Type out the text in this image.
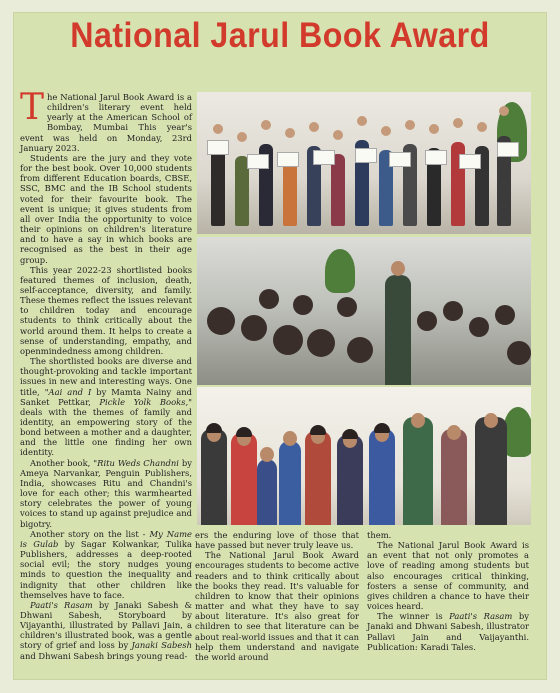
National Jarul Book Award

The National Jarul Book Award is a children's literary event held yearly at the American School of Bombay, Mumbai This year's event was held on Monday, 23rd January 2023.

Students are the jury and they vote for the best book. Over 10,000 students from different Education boards, CBSE, SSC, BMC and the IB School students voted for their favourite book. The event is unique; it gives students from all over India the opportunity to voice their opinions on children's literature and to have a say in which books are recognised as the best in their age group.

This year 2022-23 shortlisted books featured themes of inclusion, death, self-acceptance, diversity, and family. These themes reflect the issues relevant to children today and encourage students to think critically about the world around them. It helps to create a sense of understanding, empathy, and openmindedness among children.

The shortlisted books are diverse and thought-provoking and tackle important issues in new and interesting ways. One title, "Aai and I by Mamta Nainy and Sanket Pettkar, Pickle Yolk Books," deals with the themes of family and identity, an empowering story of the bond between a mother and a daughter, and the little one finding her own identity.

Another book, "Ritu Weds Chandni by Ameya Narvankar, Penguin Publishers, India, showcases Ritu and Chandni's love for each other; this warmhearted story celebrates the power of young voices to stand up against prejudice and bigotry.

Another story on the list - My Name is Gulab by Sagar Kolwankar, Tulika Publishers, addresses a deep-rooted social evil; the story nudges young minds to question the inequality and indignity that other children like themselves have to face.

Paati's Rasam by Janaki Sabesh & Dhwani Sabesh, Storyboard by Vijayanthi, illustrated by Pallavi Jain, a children's illustrated book, was a gentle story of grief and loss by Janaki Sabesh and Dhwani Sabesh brings young read-

ers the enduring love of those that have passed but never truly leave us.

The National Jarul Book Award encourages students to become active readers and to think critically about the books they read. It's valuable for children to know that their opinions matter and what they have to say about literature. It's also great for children to see that literature can be about real-world issues and that it can help them understand and navigate the world around

them.

The National Jarul Book Award is an event that not only promotes a love of reading among students but also encourages critical thinking, fosters a sense of community, and gives children a chance to have their voices heard.

The winner is Paati's Rasam by Janaki and Dhwani Sabesh, illustrator Pallavi Jain and Vaijayanthi. Publication: Karadi Tales.
